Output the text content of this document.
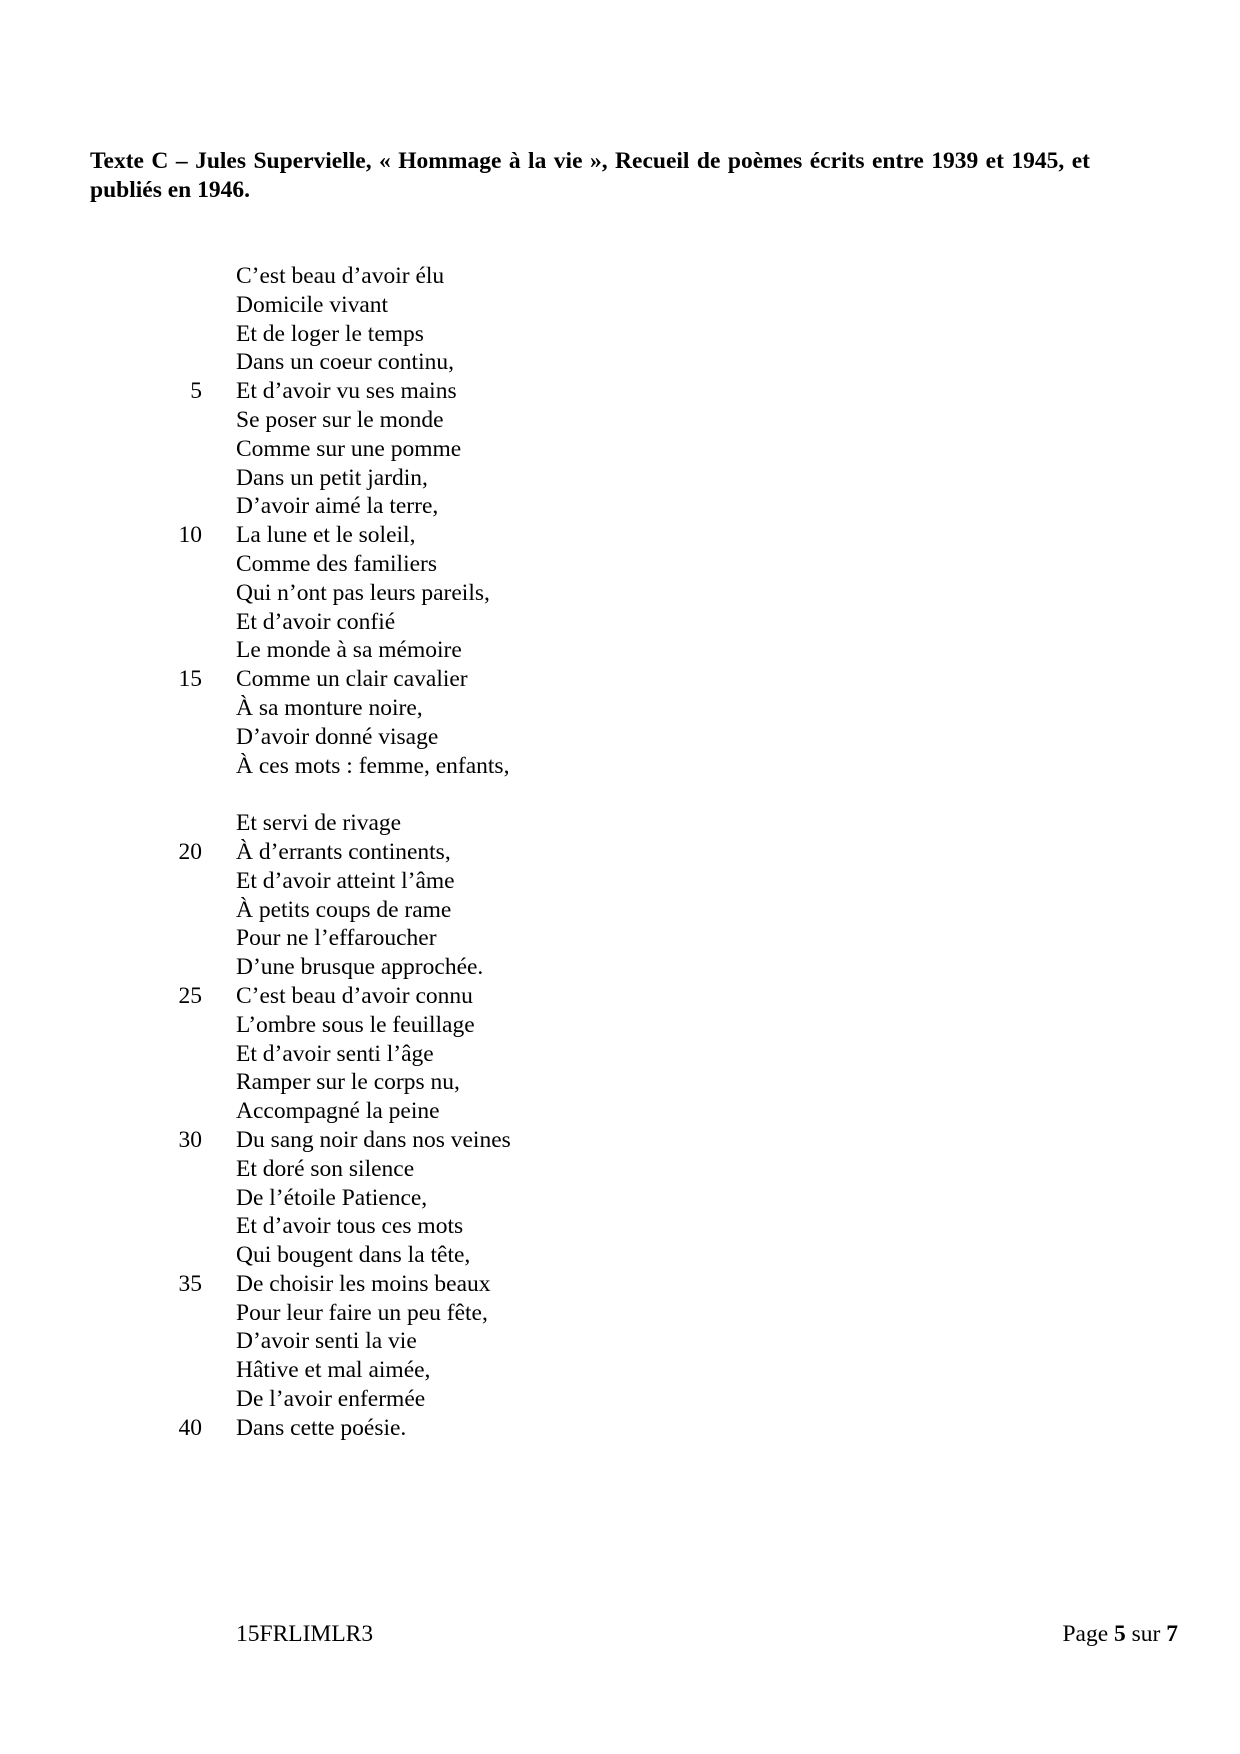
Texte C – Jules Supervielle, « Hommage à la vie », Recueil de poèmes écrits entre 1939 et 1945, et publiés en 1946.

C’est beau d’avoir élu
Domicile vivant
Et de loger le temps
Dans un coeur continu,
5 Et d’avoir vu ses mains
Se poser sur le monde
Comme sur une pomme
Dans un petit jardin,
D’avoir aimé la terre,
10 La lune et le soleil,
Comme des familiers
Qui n’ont pas leurs pareils,
Et d’avoir confié
Le monde à sa mémoire
15 Comme un clair cavalier
À sa monture noire,
D’avoir donné visage
À ces mots : femme, enfants,
Et servi de rivage
20 À d’errants continents,
Et d’avoir atteint l’âme
À petits coups de rame
Pour ne l’effaroucher
D’une brusque approchée.
25 C’est beau d’avoir connu
L’ombre sous le feuillage
Et d’avoir senti l’âge
Ramper sur le corps nu,
Accompagné la peine
30 Du sang noir dans nos veines
Et doré son silence
De l’étoile Patience,
Et d’avoir tous ces mots
Qui bougent dans la tête,
35 De choisir les moins beaux
Pour leur faire un peu fête,
D’avoir senti la vie
Hâtive et mal aimée,
De l’avoir enfermée
40 Dans cette poésie.
15FRLIMLR3	Page 5 sur 7
